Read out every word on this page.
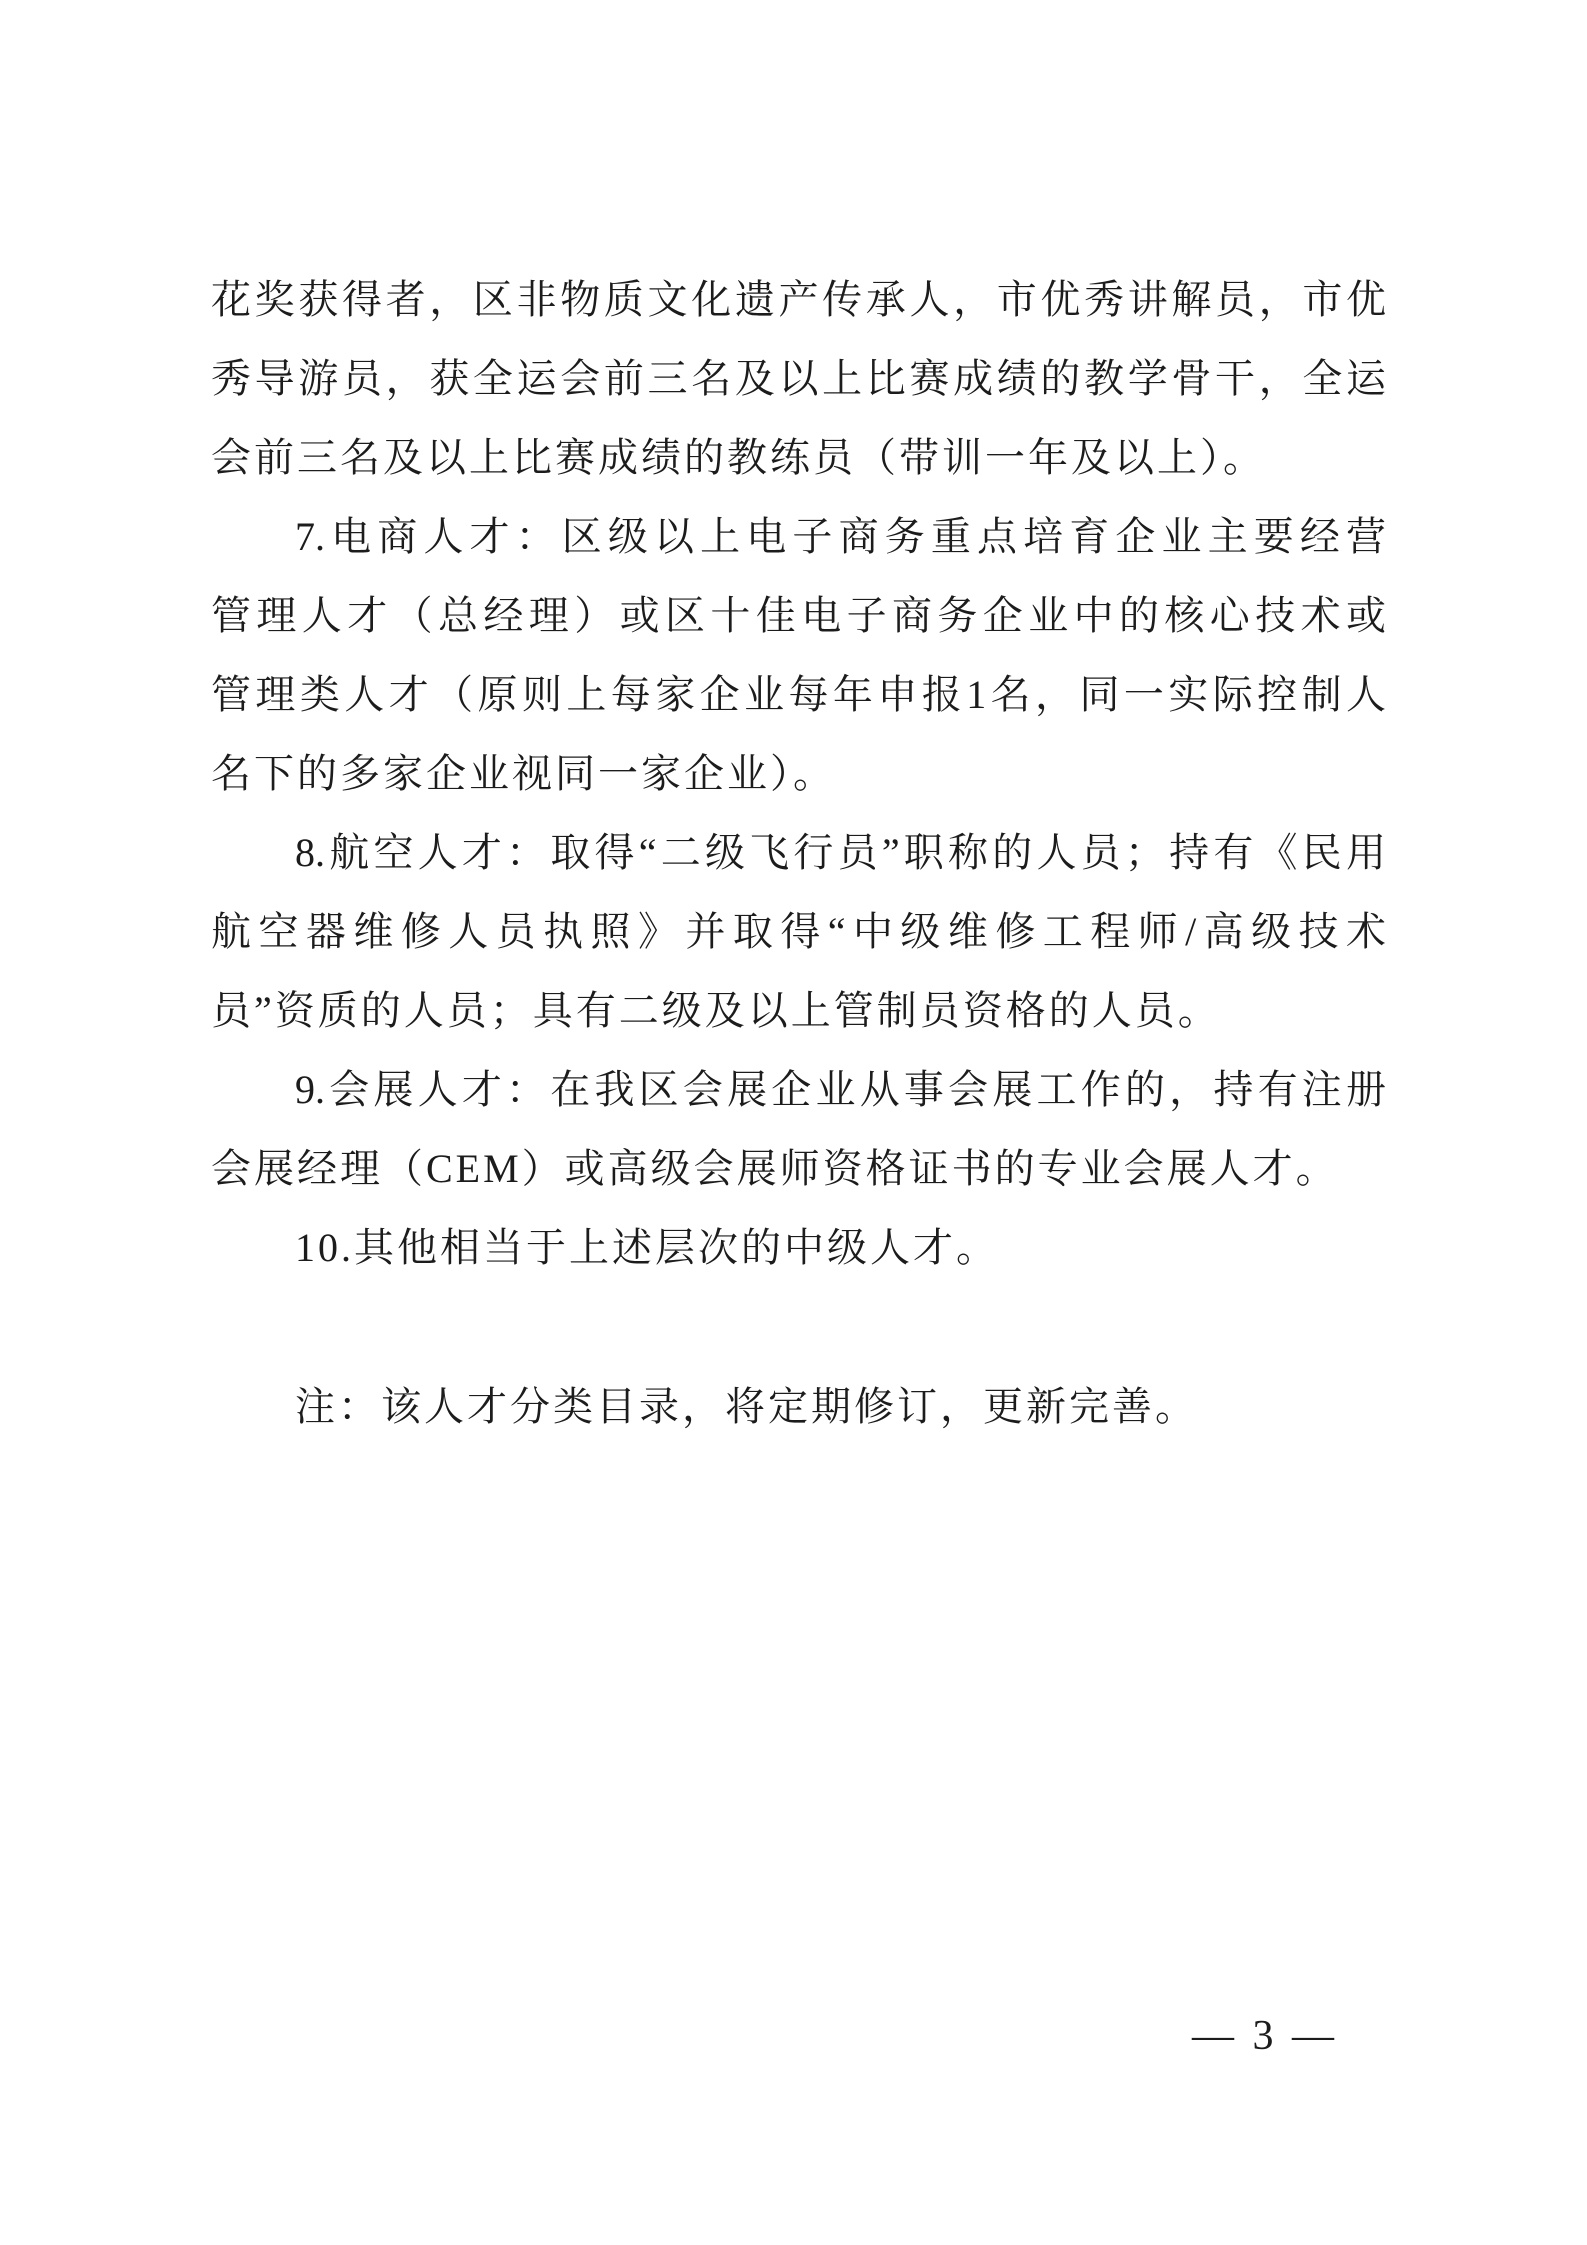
花奖获得者，区非物质文化遗产传承人，市优秀讲解员，市优
秀导游员，获全运会前三名及以上比赛成绩的教学骨干，全运
会前三名及以上比赛成绩的教练员（带训一年及以上）。
7.电商人才：区级以上电子商务重点培育企业主要经营
管理人才（总经理）或区十佳电子商务企业中的核心技术或
管理类人才（原则上每家企业每年申报1名，同一实际控制人
名下的多家企业视同一家企业）。
8.航空人才：取得“二级飞行员”职称的人员；持有《民用
航空器维修人员执照》并取得“中级维修工程师/高级技术
员”资质的人员；具有二级及以上管制员资格的人员。
9.会展人才：在我区会展企业从事会展工作的，持有注册
会展经理（CEM）或高级会展师资格证书的专业会展人才。
10.其他相当于上述层次的中级人才。
注：该人才分类目录，将定期修订，更新完善。
— 3 —
